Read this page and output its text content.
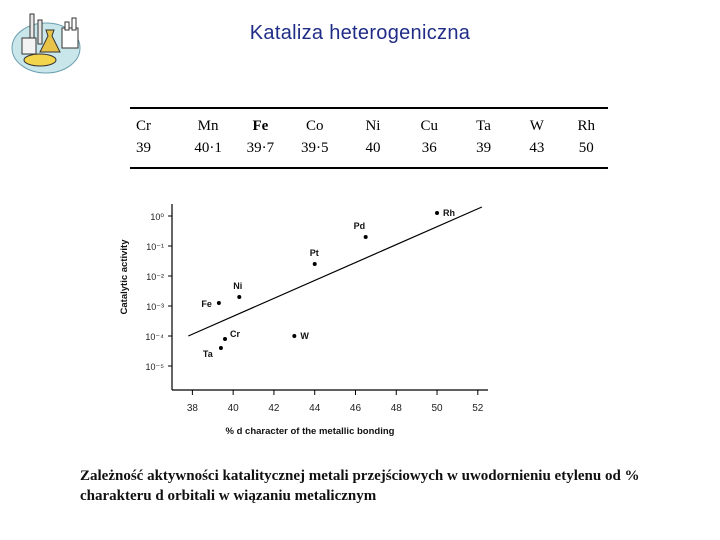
Kataliza heterogeniczna
Cr	Mn	Fe	Co	Ni	Cu	Ta	W	Rh
39	40·1	39·7	39·5	40	36	39	43	50
38	40	42	44	46	48	50	52
10⁰
10⁻¹
10⁻²
10⁻³
10⁻⁴
10⁻⁵
Rh
Pd
Pt
Ni
Fe
W
Cr
Ta
% d character of the metallic bonding
Catalytic activity
Zależność aktywności katalitycznej metali przejściowych w uwodornieniu etylenu od %
charakteru d orbitali w wiązaniu metalicznym
